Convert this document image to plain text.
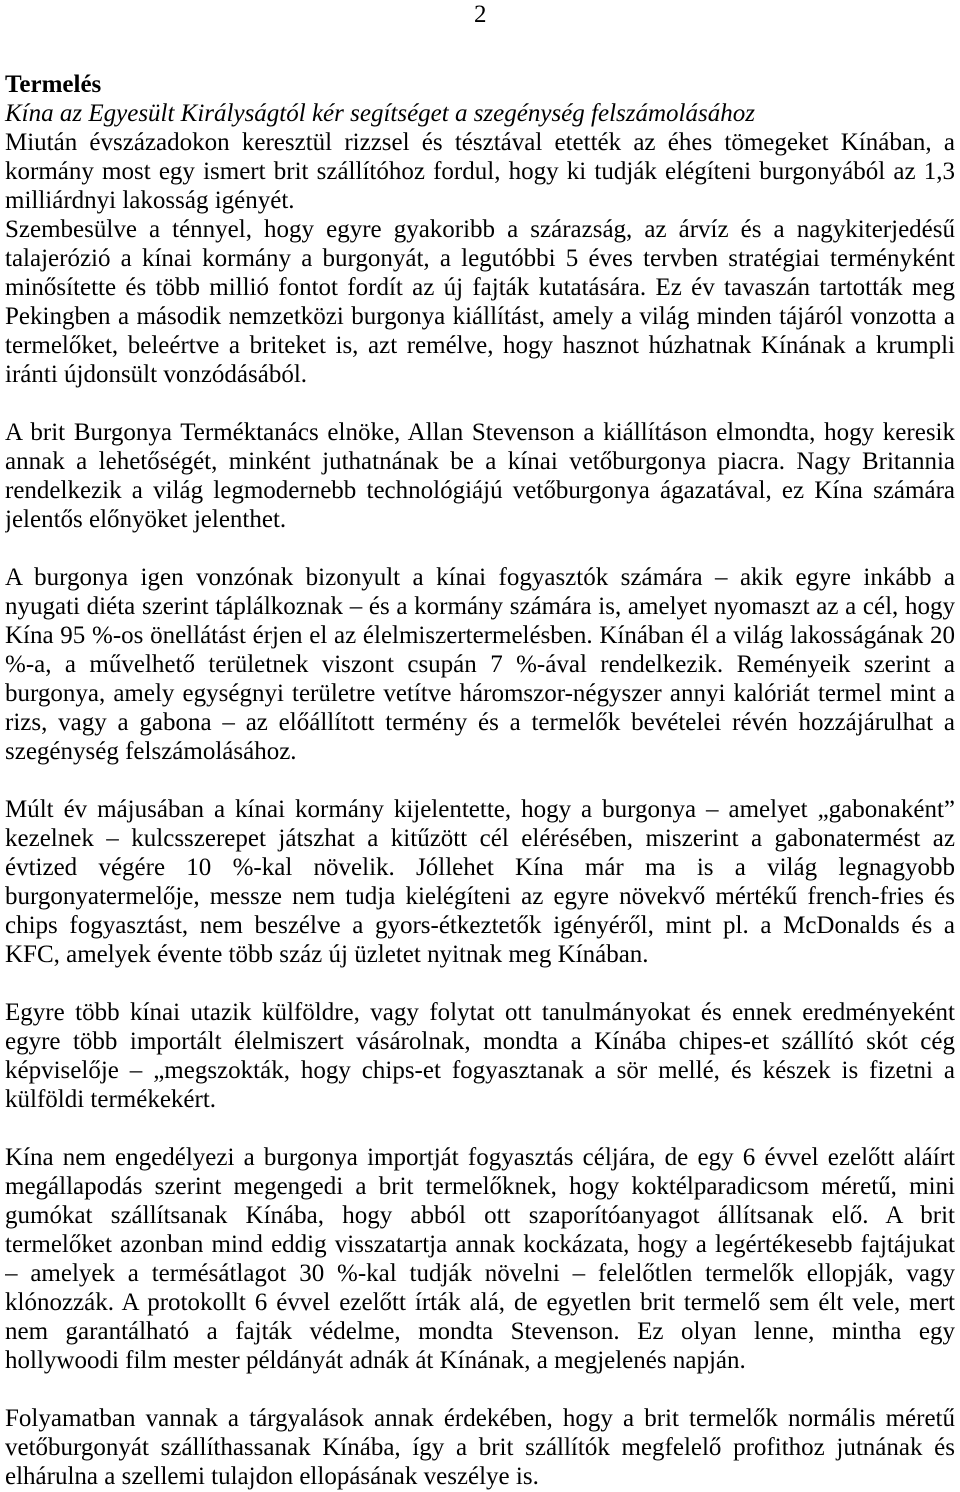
2
Termelés
Kína az Egyesült Királyságtól kér segítséget a szegénység felszámolásához
Miután évszázadokon keresztül rizzsel és tésztával etették az éhes tömegeket Kínában, a
kormány most egy ismert brit szállítóhoz fordul, hogy ki tudják elégíteni burgonyából az 1,3
milliárdnyi lakosság igényét.
Szembesülve a ténnyel, hogy egyre gyakoribb a szárazság, az árvíz és a nagykiterjedésű
talajerózió a kínai kormány a burgonyát, a legutóbbi 5 éves tervben stratégiai terményként
minősítette és több millió fontot fordít az új fajták kutatására. Ez év tavaszán tartották meg
Pekingben a második nemzetközi burgonya kiállítást, amely a világ minden tájáról vonzotta a
termelőket, beleértve a briteket is, azt remélve, hogy hasznot húzhatnak Kínának a krumpli
iránti újdonsült vonzódásából.
A brit Burgonya Terméktanács elnöke, Allan Stevenson a kiállításon elmondta, hogy keresik
annak a lehetőségét, minként juthatnának be a kínai vetőburgonya piacra. Nagy Britannia
rendelkezik a világ legmodernebb technológiájú vetőburgonya ágazatával, ez Kína számára
jelentős előnyöket jelenthet.
A burgonya igen vonzónak bizonyult a kínai fogyasztók számára – akik egyre inkább a
nyugati diéta szerint táplálkoznak – és a kormány számára is, amelyet nyomaszt az a cél, hogy
Kína 95 %-os önellátást érjen el az élelmiszertermelésben. Kínában él a világ lakosságának 20
%-a, a művelhető területnek viszont csupán 7 %-ával rendelkezik. Reményeik szerint a
burgonya, amely egységnyi területre vetítve háromszor-négyszer annyi kalóriát termel mint a
rizs, vagy a gabona – az előállított termény és a termelők bevételei révén hozzájárulhat a
szegénység felszámolásához.
Múlt év májusában a kínai kormány kijelentette, hogy a burgonya – amelyet „gabonaként”
kezelnek – kulcsszerepet játszhat a kitűzött cél elérésében, miszerint a gabonatermést az
évtized végére 10 %-kal növelik. Jóllehet Kína már ma is a világ legnagyobb
burgonyatermelője, messze nem tudja kielégíteni az egyre növekvő mértékű french-fries és
chips fogyasztást, nem beszélve a gyors-étkeztetők igényéről, mint pl. a McDonalds és a
KFC, amelyek évente több száz új üzletet nyitnak meg Kínában.
Egyre több kínai utazik külföldre, vagy folytat ott tanulmányokat és ennek eredményeként
egyre több importált élelmiszert vásárolnak, mondta a Kínába chipes-et szállító skót cég
képviselője – „megszokták, hogy chips-et fogyasztanak a sör mellé, és készek is fizetni a
külföldi termékekért.
Kína nem engedélyezi a burgonya importját fogyasztás céljára, de egy 6 évvel ezelőtt aláírt
megállapodás szerint megengedi a brit termelőknek, hogy koktélparadicsom méretű, mini
gumókat szállítsanak Kínába, hogy abból ott szaporítóanyagot állítsanak elő. A brit
termelőket azonban mind eddig visszatartja annak kockázata, hogy a legértékesebb fajtájukat
– amelyek a termésátlagot 30 %-kal tudják növelni – felelőtlen termelők ellopják, vagy
klónozzák. A protokollt 6 évvel ezelőtt írták alá, de egyetlen brit termelő sem élt vele, mert
nem garantálható a fajták védelme, mondta Stevenson. Ez olyan lenne, mintha egy
hollywoodi film mester példányát adnák át Kínának, a megjelenés napján.
Folyamatban vannak a tárgyalások annak érdekében, hogy a brit termelők normális méretű
vetőburgonyát szállíthassanak Kínába, így a brit szállítók megfelelő profithoz jutnának és
elhárulna a szellemi tulajdon ellopásának veszélye is.
